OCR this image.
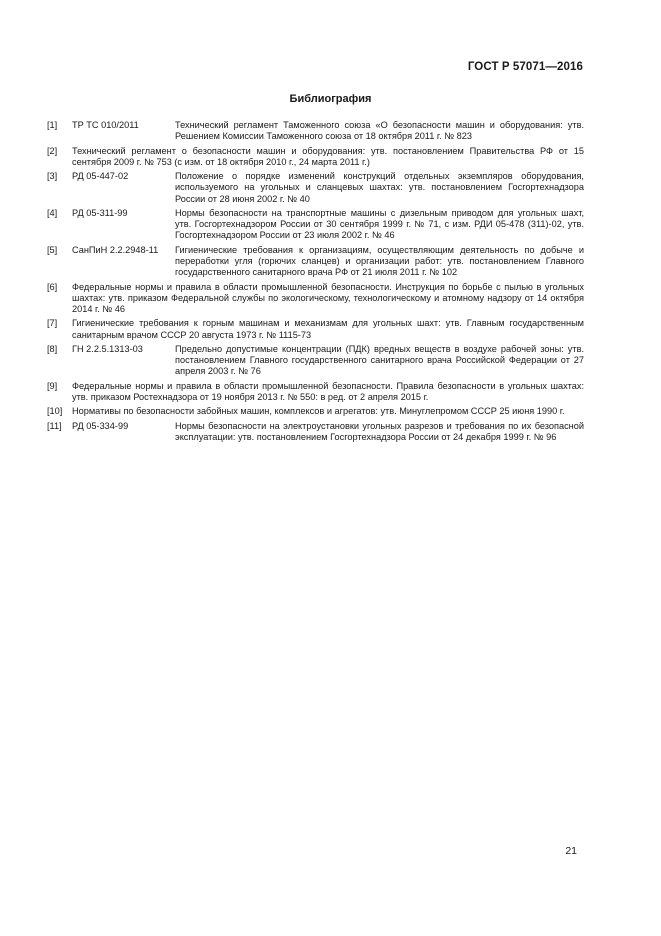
ГОСТ Р 57071—2016
Библиография
[1]	ТР ТС 010/2011	Технический регламент Таможенного союза «О безопасности машин и оборудования: утв. Решением Комиссии Таможенного союза от 18 октября 2011 г. № 823
[2]	Технический регламент о безопасности машин и оборудования: утв. постановлением Правительства РФ от 15 сентября 2009 г. № 753 (с изм. от 18 октября 2010 г., 24 марта 2011 г.)
[3]	РД 05-447-02	Положение о порядке изменений конструкций отдельных экземпляров оборудования, используемого на угольных и сланцевых шахтах: утв. постановлением Госгортехнадзора России от 28 июня 2002 г. № 40
[4]	РД 05-311-99	Нормы безопасности на транспортные машины с дизельным приводом для угольных шахт, утв. Госгортехнадзором России от 30 сентября 1999 г. № 71, с изм. РДИ 05-478 (311)-02, утв. Госгортехнадзором России от 23 июля 2002 г. № 46
[5]	СанПиН 2.2.2948-11	Гигиенические требования к организациям, осуществляющим деятельность по добыче и переработки угля (горючих сланцев) и организации работ: утв. постановлением Главного государственного санитарного врача РФ от 21 июля 2011 г. № 102
[6]	Федеральные нормы и правила в области промышленной безопасности. Инструкция по борьбе с пылью в угольных шахтах: утв. приказом Федеральной службы по экологическому, технологическому и атомному надзору от 14 октября 2014 г. № 46
[7]	Гигиенические требования к горным машинам и механизмам для угольных шахт: утв. Главным государственным санитарным врачом СССР 20 августа 1973 г. № 1115-73
[8]	ГН 2.2.5.1313-03	Предельно допустимые концентрации (ПДК) вредных веществ в воздухе рабочей зоны: утв. постановлением Главного государственного санитарного врача Российской Федерации от 27 апреля 2003 г. № 76
[9]	Федеральные нормы и правила в области промышленной безопасности. Правила безопасности в угольных шахтах: утв. приказом Ростехнадзора от 19 ноября 2013 г. № 550: в ред. от 2 апреля 2015 г.
[10]	Нормативы по безопасности забойных машин, комплексов и агрегатов: утв. Минуглепромом СССР 25 июня 1990 г.
[11]	РД 05-334-99	Нормы безопасности на электроустановки угольных разрезов и требования по их безопасной эксплуатации: утв. постановлением Госгортехнадзора России от 24 декабря 1999 г. № 96
21
